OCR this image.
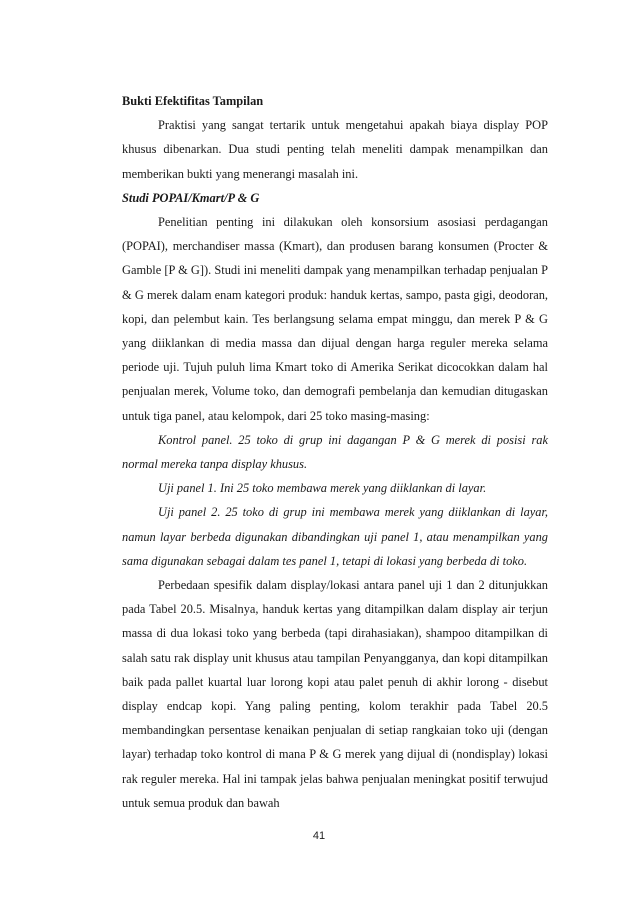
Bukti Efektifitas Tampilan

Praktisi yang sangat tertarik untuk mengetahui apakah biaya display POP khusus dibenarkan. Dua studi penting telah meneliti dampak menampilkan dan memberikan bukti yang menerangi masalah ini.

Studi POPAI/Kmart/P & G

Penelitian penting ini dilakukan oleh konsorsium asosiasi perdagangan (POPAI), merchandiser massa (Kmart), dan produsen barang konsumen (Procter & Gamble [P & G]). Studi ini meneliti dampak yang menampilkan terhadap penjualan P & G merek dalam enam kategori produk: handuk kertas, sampo, pasta gigi, deodoran, kopi, dan pelembut kain. Tes berlangsung selama empat minggu, dan merek P & G yang diiklankan di media massa dan dijual dengan harga reguler mereka selama periode uji. Tujuh puluh lima Kmart toko di Amerika Serikat dicocokkan dalam hal penjualan merek, Volume toko, dan demografi pembelanja dan kemudian ditugaskan untuk tiga panel, atau kelompok, dari 25 toko masing-masing:

Kontrol panel. 25 toko di grup ini dagangan P & G merek di posisi rak normal mereka tanpa display khusus.

Uji panel 1. Ini 25 toko membawa merek yang diiklankan di layar.

Uji panel 2. 25 toko di grup ini membawa merek yang diiklankan di layar, namun layar berbeda digunakan dibandingkan uji panel 1, atau menampilkan yang sama digunakan sebagai dalam tes panel 1, tetapi di lokasi yang berbeda di toko.

Perbedaan spesifik dalam display/lokasi antara panel uji 1 dan 2 ditunjukkan pada Tabel 20.5. Misalnya, handuk kertas yang ditampilkan dalam display air terjun massa di dua lokasi toko yang berbeda (tapi dirahasiakan), shampoo ditampilkan di salah satu rak display unit khusus atau tampilan Penyangganya, dan kopi ditampilkan baik pada pallet kuartal luar lorong kopi atau palet penuh di akhir lorong - disebut display endcap kopi. Yang paling penting, kolom terakhir pada Tabel 20.5 membandingkan persentase kenaikan penjualan di setiap rangkaian toko uji (dengan layar) terhadap toko kontrol di mana P & G merek yang dijual di (nondisplay) lokasi rak reguler mereka. Hal ini tampak jelas bahwa penjualan meningkat positif terwujud untuk semua produk dan bawah

41
